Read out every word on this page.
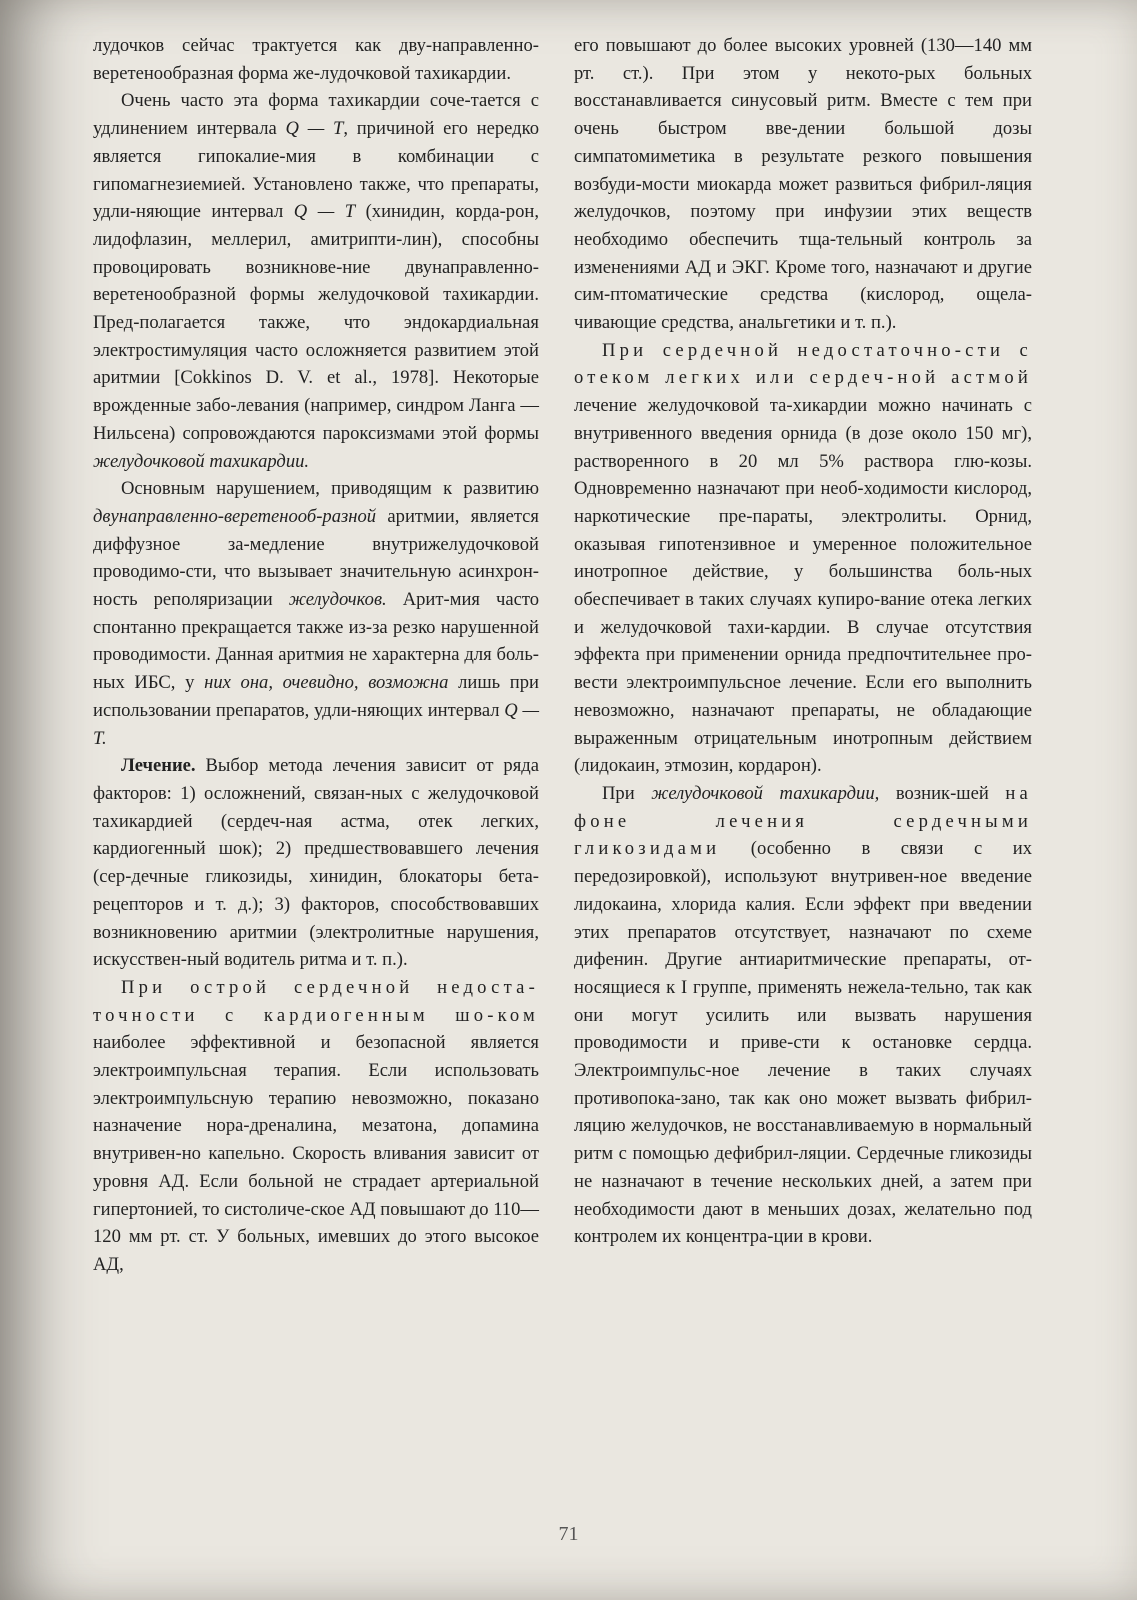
лудочков сейчас трактуется как дву-направленно-веретенообразная форма же-лудочковой тахикардии.

Очень часто эта форма тахикардии соче-тается с удлинением интервала Q — T, причиной его нередко является гипокалие-мия в комбинации с гипомагнезиемией. Установлено также, что препараты, удли-няющие интервал Q — T (хинидин, корда-рон, лидофлазин, меллерил, амитрипти-лин), способны провоцировать возникнове-ние двунаправленно-веретенообразной формы желудочковой тахикардии. Пред-полагается также, что эндокардиальная электростимуляция часто осложняется развитием этой аритмии [Cokkinos D. V. et al., 1978]. Некоторые врожденные забо-левания (например, синдром Ланга — Нильсена) сопровождаются пароксизмами этой формы желудочковой тахикардии.

Основным нарушением, приводящим к развитию двунаправленно-веретенооб-разной аритмии, является диффузное за-медление внутрижелудочковой проводимо-сти, что вызывает значительную асинхрон-ность реполяризации желудочков. Арит-мия часто спонтанно прекращается также из-за резко нарушенной проводимости. Данная аритмия не характерна для боль-ных ИБС, у них она, очевидно, возможна лишь при использовании препаратов, удли-няющих интервал Q — T.

Лечение. Выбор метода лечения зависит от ряда факторов: 1) осложнений, связан-ных с желудочковой тахикардией (сердеч-ная астма, отек легких, кардиогенный шок); 2) предшествовавшего лечения (сер-дечные гликозиды, хинидин, блокаторы бета-рецепторов и т. д.); 3) факторов, способствовавших возникновению аритмии (электролитные нарушения, искусствен-ный водитель ритма и т. п.).

При острой сердечной недоста-точности с кардиогенным шо-ком наиболее эффективной и безопасной является электроимпульсная терапия. Если использовать электроимпульсную терапию невозможно, показано назначение нора-дреналина, мезатона, допамина внутривен-но капельно. Скорость вливания зависит от уровня АД. Если больной не страдает артериальной гипертонией, то систоличе-ское АД повышают до 110—120 мм рт. ст. У больных, имевших до этого высокое АД,

его повышают до более высоких уровней (130—140 мм рт. ст.). При этом у некото-рых больных восстанавливается синусовый ритм. Вместе с тем при очень быстром вве-дении большой дозы симпатомиметика в результате резкого повышения возбуди-мости миокарда может развиться фибрил-ляция желудочков, поэтому при инфузии этих веществ необходимо обеспечить тща-тельный контроль за изменениями АД и ЭКГ. Кроме того, назначают и другие сим-птоматические средства (кислород, ощела-чивающие средства, анальгетики и т. п.).

При сердечной недостаточно-сти с отеком легких или сердеч-ной астмой лечение желудочковой та-хикардии можно начинать с внутривенного введения орнида (в дозе около 150 мг), растворенного в 20 мл 5% раствора глю-козы. Одновременно назначают при необ-ходимости кислород, наркотические пре-параты, электролиты. Орнид, оказывая гипотензивное и умеренное положительное инотропное действие, у большинства боль-ных обеспечивает в таких случаях купиро-вание отека легких и желудочковой тахи-кардии. В случае отсутствия эффекта при применении орнида предпочтительнее про-вести электроимпульсное лечение. Если его выполнить невозможно, назначают препараты, не обладающие выраженным отрицательным инотропным действием (лидокаин, этмозин, кордарон).

При желудочковой тахикардии, возник-шей на фоне лечения сердечными гликозидами (особенно в связи с их передозировкой), используют внутривен-ное введение лидокаина, хлорида калия. Если эффект при введении этих препаратов отсутствует, назначают по схеме дифенин. Другие антиаритмические препараты, от-носящиеся к I группе, применять нежела-тельно, так как они могут усилить или вызвать нарушения проводимости и приве-сти к остановке сердца. Электроимпульс-ное лечение в таких случаях противопока-зано, так как оно может вызвать фибрил-ляцию желудочков, не восстанавливаемую в нормальный ритм с помощью дефибрил-ляции. Сердечные гликозиды не назначают в течение нескольких дней, а затем при необходимости дают в меньших дозах, желательно под контролем их концентра-ции в крови.

71
